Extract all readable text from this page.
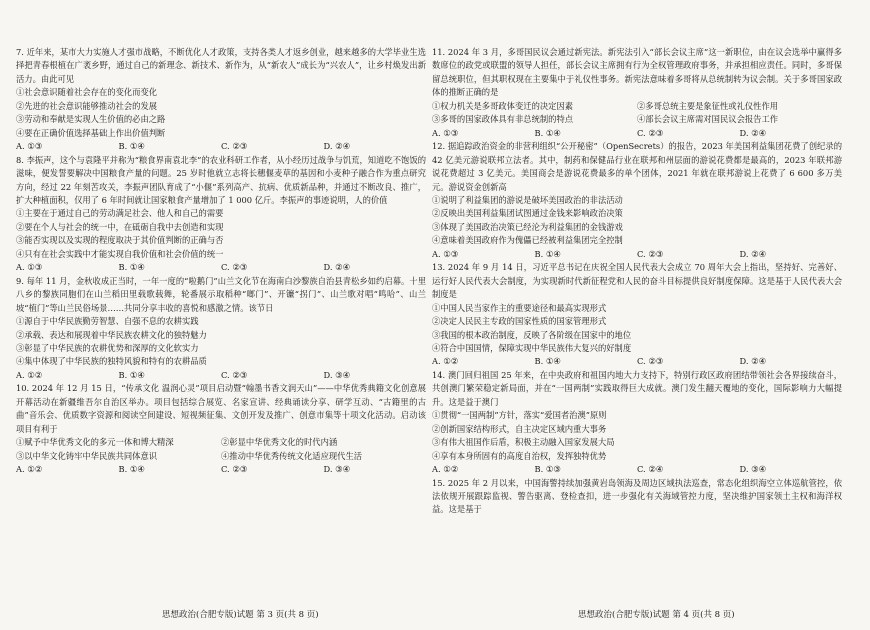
7. 近年来，某市大力实施人才强市战略，不断优化人才政策，支持各类人才返乡创业，越来越多的大学毕业生选择把青春根植在广袤乡野，通过自己的新理念、新技术、新作为，从“新农人”成长为“兴农人”，让乡村焕发出新活力。由此可见

①社会意识随着社会存在的变化而变化

②先进的社会意识能够推动社会的发展

③劳动和奉献是实现人生价值的必由之路

④要在正确价值选择基础上作出价值判断

A. ①③	B. ①④	C. ②③	D. ②④

8. 李振声，这个与袁隆平并称为“粮食界南袁北李”的农业科研工作者，从小经历过战争与饥荒，知道吃不饱饭的滋味，便发誓要解决中国粮食产量的问题。25 岁时他就立志将长穗偃麦草的基因和小麦种子融合作为重点研究方向，经过 22 年刻苦攻关，李振声团队育成了“小偃”系列高产、抗病、优质新品种，并通过不断改良、推广，扩大种植面积，仅用了 6 年时间就让国家粮食产量增加了 1 000 亿斤。李振声的事迹说明，人的价值

①主要在于通过自己的劳动满足社会、他人和自己的需要

②要在个人与社会的统一中，在砥砺自我中去创造和实现

③能否实现以及实现的程度取决于其价值判断的正确与否

④只有在社会实践中才能实现自我价值和社会价值的统一

A. ①③	B. ①④	C. ②③	D. ②④

9. 每年 11 月，金秋收成正当时，一年一度的“啦鹅门”山兰文化节在海南白沙黎族自治县青松乡如约启幕。十里八乡的黎族同胞们在山兰稻田里载歌载舞，轮番展示取稻种“啷门”、开镰“拐门”、山兰歌对唱“鸣哈”、山兰坡“植门”等山兰民俗场景……共同分享丰收的喜悦和感激之情。该节日

①源自于中华民族勤劳智慧、自强不息的农耕实践

②承载、表达和展现着中华民族农耕文化的独特魅力

③彰显了中华民族的农耕优势和深厚的文化软实力

④集中体现了中华民族的独特风貌和特有的农耕品质

A. ①②	B. ①④	C. ②③	D. ③④

10. 2024 年 12 月 15 日，“传承文化 温润心灵”项目启动暨“翰墨书香文润天山”——中华优秀典籍文化创意展开幕活动在新疆维吾尔自治区举办。项目包括综合展览、名家宣讲、经典诵读分享、研学互动、“古籍里的古曲”音乐会、优质数字资源和阅读空间建设、短视频征集、文创开发及推广、创意市集等十项文化活动。启动该项目有利于

①赋予中华优秀文化的多元一体和博大精深	②彰显中华优秀文化的时代内涵
③以中华文化铸牢中华民族共同体意识	④推动中华优秀传统文化适应现代生活
A. ①②	B. ①④	C. ②③	D. ③④

11. 2024 年 3 月，多哥国民议会通过新宪法。新宪法引入“部长会议主席”这一新职位，由在议会选举中赢得多数席位的政党或联盟的领导人担任，部长会议主席拥有行为全权管理政府事务，并承担相应责任。同时，多哥保留总统职位，但其职权现在主要集中于礼仪性事务。新宪法意味着多哥将从总统制转为议会制。关于多哥国家政体的推断正确的是

①权力机关是多哥政体变迁的决定因素	②多哥总统主要是象征性或礼仪性作用
③多哥的国家政体具有非总统制的特点	④部长会议主席需对国民议会报告工作
A. ①③	B. ①④	C. ②③	D. ②④

12. 据追踪政治资金的非营利组织“公开秘密”（OpenSecrets）的报告，2023 年美国利益集团花费了创纪录的 42 亿美元游说联邦立法者。其中，制药和保健品行业在联邦和州层面的游说花费都是最高的，2023 年联邦游说花费超过 3 亿美元。美国商会是游说花费最多的单个团体，2021 年就在联邦游说上花费了 6 600 多万美元。游说资金创新高

①说明了利益集团的游说是破坏美国政治的非法活动

②反映出美国利益集团试图通过金钱来影响政治决策

③体现了美国政治决策已经沦为利益集团的金钱游戏

④意味着美国政府作为傀儡已经被利益集团完全控制

A. ①③	B. ①④	C. ②③	D. ②④

13. 2024 年 9 月 14 日，习近平总书记在庆祝全国人民代表大会成立 70 周年大会上指出，坚持好、完善好、运行好人民代表大会制度，为实现新时代新征程党和人民的奋斗目标提供良好制度保障。这是基于人民代表大会制度是

①中国人民当家作主的重要途径和最高实现形式

②决定人民民主专政的国家性质的国家管理形式

③我国的根本政治制度，反映了各阶级在国家中的地位

④符合中国国情，保障实现中华民族伟大复兴的好制度

A. ①②	B. ①④	C. ②③	D. ②④

14. 澳门回归祖国 25 年来，在中央政府和祖国内地大力支持下，特别行政区政府团结带领社会各界接续奋斗，共创澳门繁荣稳定新局面，并在“一国两制”实践取得巨大成就。澳门发生翻天覆地的变化，国际影响力大幅提升。这是益于澳门

①贯彻“一国两制”方针，落实“爱国者治澳”原则

②创新国家结构形式，自主决定区域内重大事务

③有伟大祖国作后盾，积极主动融入国家发展大局

④享有本身所固有的高度自治权，发挥独特优势

A. ①②	B. ①③	C. ②④	D. ③④

15. 2025 年 2 月以来，中国海警持续加强黄岩岛领海及周边区域执法巡查，常态化组织海空立体巡航管控，依法依规开展跟踪监视、警告驱离、登检查扣，进一步强化有关海域管控力度，坚决维护国家领土主权和海洋权益。这是基于

思想政治(合肥专版)试题 第 3 页(共 8 页)	思想政治(合肥专版)试题 第 4 页(共 8 页)
